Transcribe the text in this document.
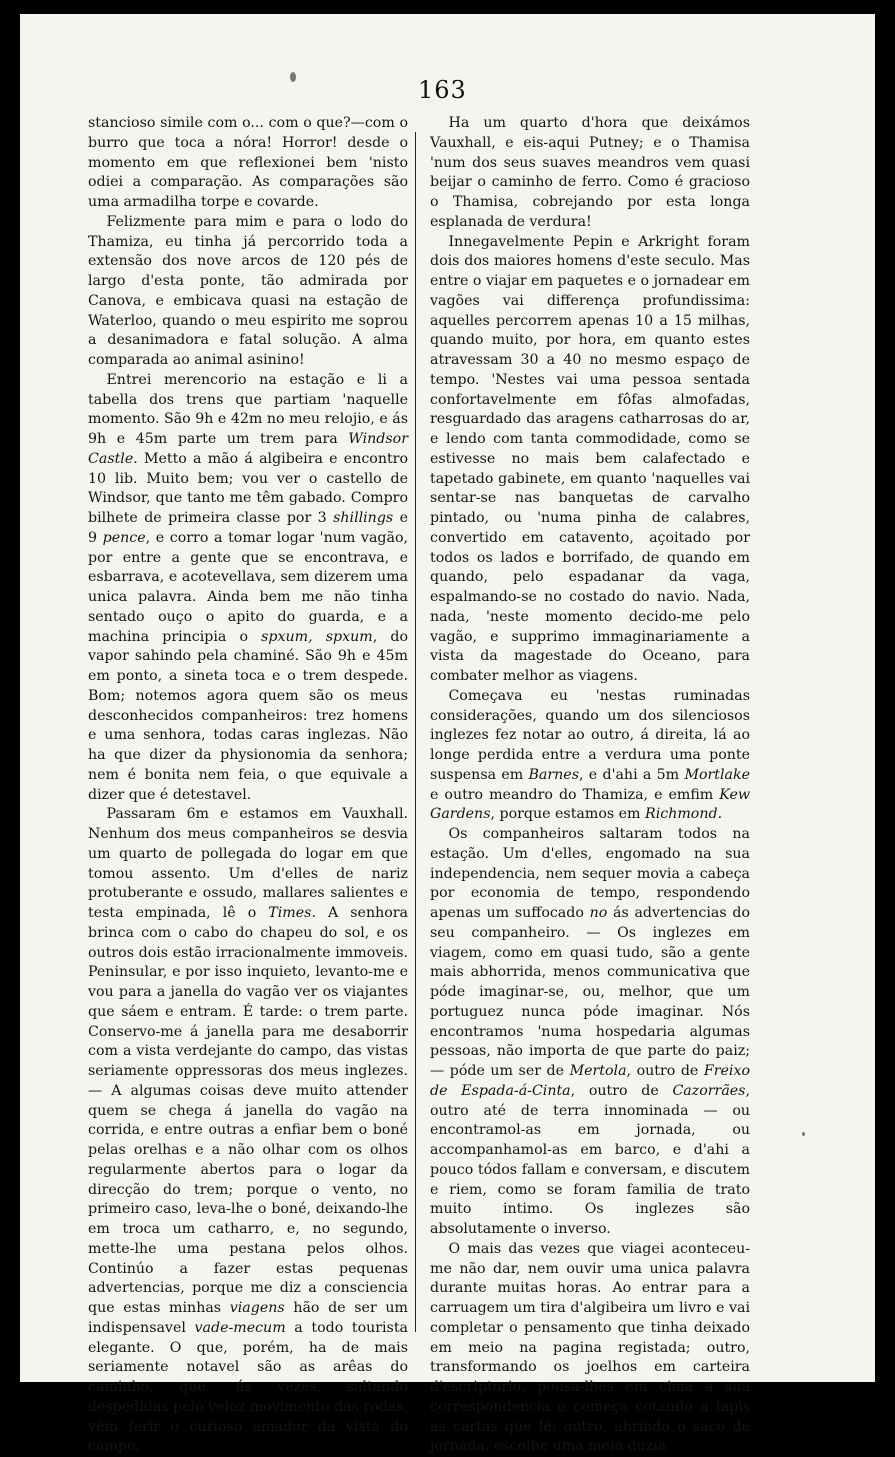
163

stancioso simile com o... com o que?—com o burro que toca a nóra! Horror! desde o momento em que reflexionei bem 'nisto odiei a comparação. As comparações são uma armadilha torpe e covarde.

Felizmente para mim e para o lodo do Thamiza, eu tinha já percorrido toda a extensão dos nove arcos de 120 pés de largo d'esta ponte, tão admirada por Canova, e embicava quasi na estação de Waterloo, quando o meu espirito me soprou a desanimadora e fatal solução. A alma comparada ao animal asinino!

Entrei merencorio na estação e li a tabella dos trens que partiam 'naquelle momento. São 9h e 42m no meu relojio, e ás 9h e 45m parte um trem para Windsor Castle. Metto a mão á algibeira e encontro 10 lib. Muito bem; vou ver o castello de Windsor, que tanto me têm gabado. Compro bilhete de primeira classe por 3 shillings e 9 pence, e corro a tomar logar 'num vagão, por entre a gente que se encontrava, e esbarrava, e acotevellava, sem dizerem uma unica palavra. Ainda bem me não tinha sentado ouço o apito do guarda, e a machina principia o spxum, spxum, do vapor sahindo pela chaminé. São 9h e 45m em ponto, a sineta toca e o trem despede. Bom; notemos agora quem são os meus desconhecidos companheiros: trez homens e uma senhora, todas caras inglezas. Não ha que dizer da physionomia da senhora; nem é bonita nem feia, o que equivale a dizer que é detestavel.

Passaram 6m e estamos em Vauxhall. Nenhum dos meus companheiros se desvia um quarto de pollegada do logar em que tomou assento. Um d'elles de nariz protuberante e ossudo, mallares salientes e testa empinada, lê o Times. A senhora brinca com o cabo do chapeu do sol, e os outros dois estão irracionalmente immoveis. Peninsular, e por isso inquieto, levanto-me e vou para a janella do vagão ver os viajantes que sáem e entram. É tarde: o trem parte. Conservo-me á janella para me desaborrir com a vista verdejante do campo, das vistas seriamente oppressoras dos meus inglezes. — A algumas coisas deve muito attender quem se chega á janella do vagão na corrida, e entre outras a enfiar bem o boné pelas orelhas e a não olhar com os olhos regularmente abertos para o logar da direcção do trem; porque o vento, no primeiro caso, leva-lhe o boné, deixando-lhe em troca um catharro, e, no segundo, mette-lhe uma pestana pelos olhos. Continúo a fazer estas pequenas advertencias, porque me diz a consciencia que estas minhas viagens hão de ser um indispensavel vade-mecum a todo tourista elegante. O que, porém, ha de mais seriamente notavel são as arêas do caminho, que, ás vezes, saltando despedidas pelo veloz movimento das rodas, vêm ferir o curioso amador da vista do campo.

Ha um quarto d'hora que deixámos Vauxhall, e eis-aqui Putney; e o Thamisa 'num dos seus suaves meandros vem quasi beijar o caminho de ferro. Como é gracioso o Thamisa, cobrejando por esta longa esplanada de verdura!

Innegavelmente Pepin e Arkright foram dois dos maiores homens d'este seculo. Mas entre o viajar em paquetes e o jornadear em vagões vai differença profundissima: aquelles percorrem apenas 10 a 15 milhas, quando muito, por hora, em quanto estes atravessam 30 a 40 no mesmo espaço de tempo. 'Nestes vai uma pessoa sentada confortavelmente em fôfas almofadas, resguardado das aragens catharrosas do ar, e lendo com tanta commodidade, como se estivesse no mais bem calafectado e tapetado gabinete, em quanto 'naquelles vai sentar-se nas banquetas de carvalho pintado, ou 'numa pinha de calabres, convertido em catavento, açoitado por todos os lados e borrifado, de quando em quando, pelo espadanar da vaga, espalmando-se no costado do navio. Nada, nada, 'neste momento decido-me pelo vagão, e supprimo immaginariamente a vista da magestade do Oceano, para combater melhor as viagens.

Começava eu 'nestas ruminadas considerações, quando um dos silenciosos inglezes fez notar ao outro, á direita, lá ao longe perdida entre a verdura uma ponte suspensa em Barnes, e d'ahi a 5m Mortlake e outro meandro do Thamiza, e emfim Kew Gardens, porque estamos em Richmond.

Os companheiros saltaram todos na estação. Um d'elles, engomado na sua independencia, nem sequer movia a cabeça por economia de tempo, respondendo apenas um suffocado no ás advertencias do seu companheiro. — Os inglezes em viagem, como em quasi tudo, são a gente mais abhorrida, menos communicativa que póde imaginar-se, ou, melhor, que um portuguez nunca póde imaginar. Nós encontramos 'numa hospedaria algumas pessoas, não importa de que parte do paiz; — póde um ser de Mertola, outro de Freixo de Espada-á-Cinta, outro de Cazorrães, outro até de terra innominada — ou encontramol-as em jornada, ou accompanhamol-as em barco, e d'ahi a pouco tódos fallam e conversam, e discutem e riem, como se foram familia de trato muito intimo. Os inglezes são absolutamente o inverso.

O mais das vezes que viagei aconteceu-me não dar, nem ouvir uma unica palavra durante muitas horas. Ao entrar para a carruagem um tira d'algibeira um livro e vai completar o pensamento que tinha deixado em meio na pagina registada; outro, transformando os joelhos em carteira d'escriptorio, pousa-lhes em cima a sua correspondencia e começa cotando a lapis as cartas que lê; outro, abrindo o saco de jornada, escolhe uma meia duzia
